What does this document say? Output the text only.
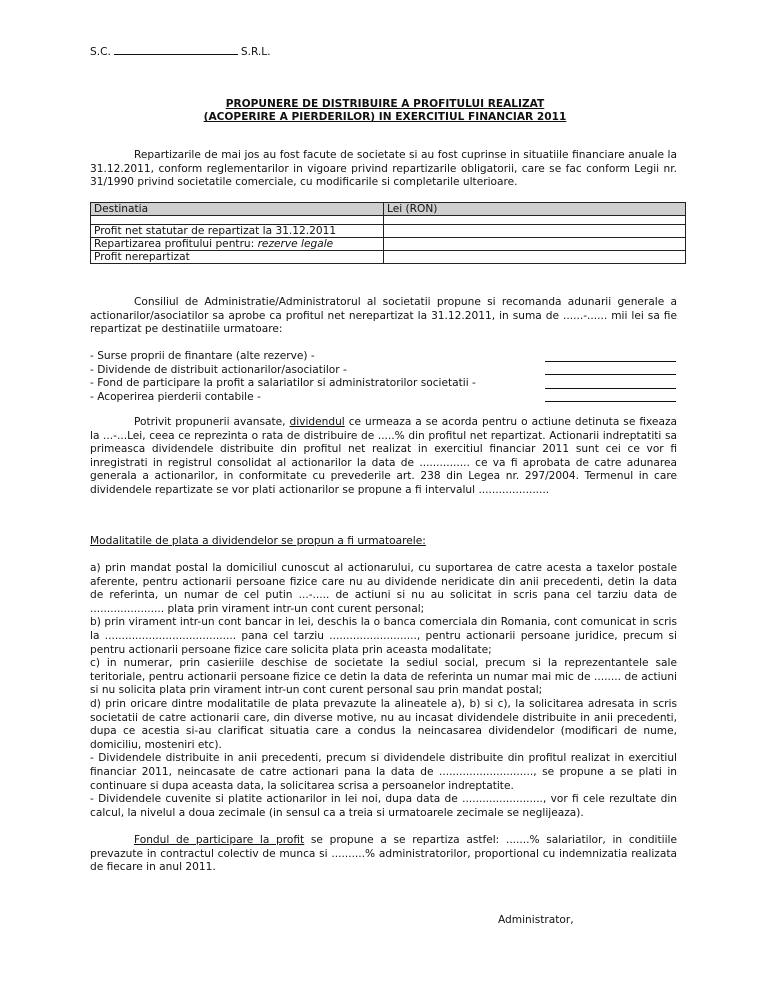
S.C.	S.R.L.
PROPUNERE DE DISTRIBUIRE A PROFITULUI REALIZAT
(ACOPERIRE A PIERDERILOR) IN EXERCITIUL FINANCIAR 2011
Repartizarile de mai jos au fost facute de societate si au fost cuprinse in situatiile financiare anuale la 31.12.2011, conform reglementarilor in vigoare privind repartizarile obligatorii, care se fac conform Legii nr. 31/1990 privind societatile comerciale, cu modificarile si completarile ulterioare.
Destinatia	Lei (RON)

Profit net statutar de repartizat la 31.12.2011	
Repartizarea profitului pentru: rezerve legale	
Profit nerepartizat	
Consiliul de Administratie/Administratorul al societatii propune si recomanda adunarii generale a actionarilor/asociatilor sa aprobe ca profitul net nerepartizat la 31.12.2011, in suma de ......-...... mii lei sa fie repartizat pe destinatiile urmatoare:
- Surse proprii de finantare (alte rezerve) -
- Dividende de distribuit actionarilor/asociatilor -
- Fond de participare la profit a salariatilor si administratorilor societatii -
- Acoperirea pierderii contabile -
Potrivit propunerii avansate, dividendul ce urmeaza a se acorda pentru o actiune detinuta se fixeaza la ...-...Lei, ceea ce reprezinta o rata de distribuire de .....% din profitul net repartizat. Actionarii indreptatiti sa primeasca dividendele distribuite din profitul net realizat in exercitiul financiar 2011 sunt cei ce vor fi inregistrati in registrul consolidat al actionarilor la data de ............... ce va fi aprobata de catre adunarea generala a actionarilor, in conformitate cu prevederile art. 238 din Legea nr. 297/2004. Termenul in care dividendele repartizate se vor plati actionarilor se propune a fi intervalul .....................
Modalitatile de plata a dividendelor se propun a fi urmatoarele:
a) prin mandat postal la domiciliul cunoscut al actionarului, cu suportarea de catre acesta a taxelor postale aferente, pentru actionarii persoane fizice care nu au dividende neridicate din anii precedenti, detin la data de referinta, un numar de cel putin ...-..... de actiuni si nu au solicitat in scris pana cel tarziu data de ...................... plata prin virament intr-un cont curent personal;
b) prin virament intr-un cont bancar in lei, deschis la o banca comerciala din Romania, cont comunicat in scris la ....................................... pana cel tarziu .........................., pentru actionarii persoane juridice, precum si pentru actionarii persoane fizice care solicita plata prin aceasta modalitate;
c) in numerar, prin casieriile deschise de societate la sediul social, precum si la reprezentantele sale teritoriale, pentru actionarii persoane fizice ce detin la data de referinta un numar mai mic de ........ de actiuni si nu solicita plata prin virament intr-un cont curent personal sau prin mandat postal;
d) prin oricare dintre modalitatile de plata prevazute la alineatele a), b) si c), la solicitarea adresata in scris societatii de catre actionarii care, din diverse motive, nu au incasat dividendele distribuite in anii precedenti, dupa ce acestia si-au clarificat situatia care a condus la neincasarea dividendelor (modificari de nume, domiciliu, mosteniri etc).
- Dividendele distribuite in anii precedenti, precum si dividendele distribuite din profitul realizat in exercitiul financiar 2011, neincasate de catre actionari pana la data de ............................, se propune a se plati in continuare si dupa aceasta data, la solicitarea scrisa a persoanelor indreptatite.
- Dividendele cuvenite si platite actionarilor in lei noi, dupa data de ........................, vor fi cele rezultate din calcul, la nivelul a doua zecimale (in sensul ca a treia si urmatoarele zecimale se neglijeaza).
Fondul de participare la profit se propune a se repartiza astfel: .......% salariatilor, in conditiile prevazute in contractul colectiv de munca si ..........% administratorilor, proportional cu indemnizatia realizata de fiecare in anul 2011.
Administrator,
